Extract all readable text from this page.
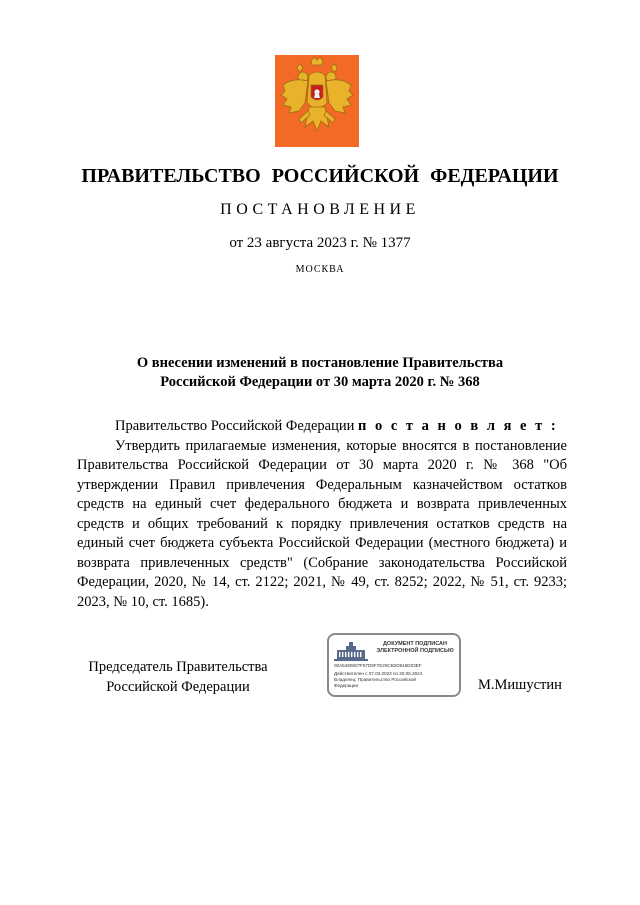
ПРАВИТЕЛЬСТВО РОССИЙСКОЙ ФЕДЕРАЦИИ
ПОСТАНОВЛЕНИЕ
от 23 августа 2023 г. № 1377
МОСКВА
О внесении изменений в постановление Правительства
Российской Федерации от 30 марта 2020 г. № 368

Правительство Российской Федерации п о с т а н о в л я е т :

Утвердить прилагаемые изменения, которые вносятся в постановление Правительства Российской Федерации от 30 марта 2020 г. № 368 "Об утверждении Правил привлечения Федеральным казначейством остатков средств на единый счет федерального бюджета и возврата привлеченных средств и общих требований к порядку привлечения остатков средств на единый счет бюджета субъекта Российской Федерации (местного бюджета) и возврата привлеченных средств" (Собрание законодательства Российской Федерации, 2020, № 14, ст. 2122; 2021, № 49, ст. 8252; 2022, № 51, ст. 9233; 2023, № 10, ст. 1685).

Председатель Правительства
Российской Федерации
ДОКУМЕНТ ПОДПИСАН
ЭЛЕКТРОННОЙ ПОДПИСЬЮ
00A5490807F67D9F7E29CB2D916D03EF
Действителен с 07.03.2023 по 30.05.2024
Владелец: Правительство Российской
Федерации	М.Мишустин
